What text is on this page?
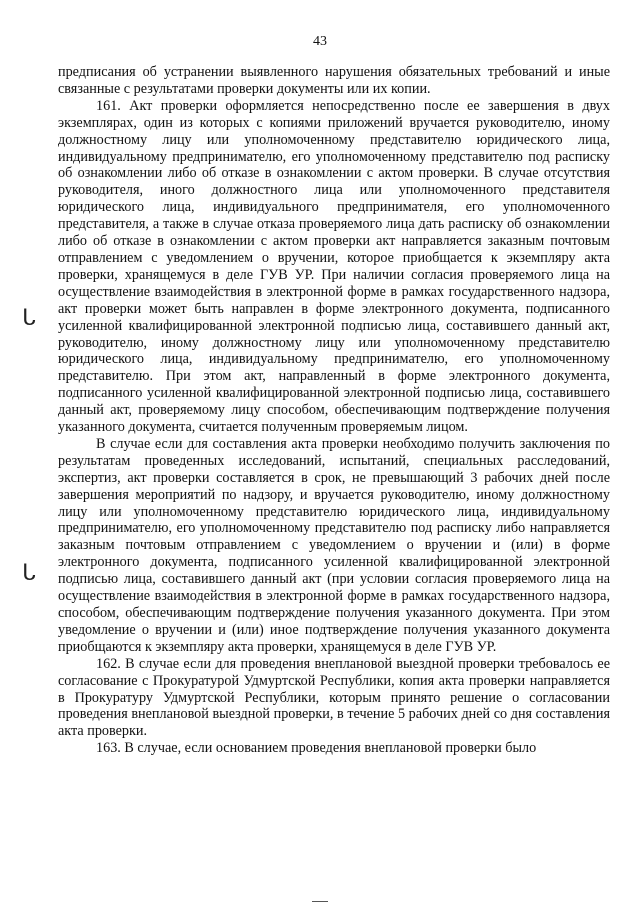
43

предписания об устранении выявленного нарушения обязательных требований и иные связанные с результатами проверки документы или их копии.

161. Акт проверки оформляется непосредственно после ее завершения в двух экземплярах, один из которых с копиями приложений вручается руководителю, иному должностному лицу или уполномоченному представителю юридического лица, индивидуальному предпринимателю, его уполномоченному представителю под расписку об ознакомлении либо об отказе в ознакомлении с актом проверки. В случае отсутствия руководителя, иного должностного лица или уполномоченного представителя юридического лица, индивидуального предпринимателя, его уполномоченного представителя, а также в случае отказа проверяемого лица дать расписку об ознакомлении либо об отказе в ознакомлении с актом проверки акт направляется заказным почтовым отправлением с уведомлением о вручении, которое приобщается к экземпляру акта проверки, хранящемуся в деле ГУВ УР. При наличии согласия проверяемого лица на осуществление взаимодействия в электронной форме в рамках государственного надзора, акт проверки может быть направлен в форме электронного документа, подписанного усиленной квалифицированной электронной подписью лица, составившего данный акт, руководителю, иному должностному лицу или уполномоченному представителю юридического лица, индивидуальному предпринимателю, его уполномоченному представителю. При этом акт, направленный в форме электронного документа, подписанного усиленной квалифицированной электронной подписью лица, составившего данный акт, проверяемому лицу способом, обеспечивающим подтверждение получения указанного документа, считается полученным проверяемым лицом.

В случае если для составления акта проверки необходимо получить заключения по результатам проведенных исследований, испытаний, специальных расследований, экспертиз, акт проверки составляется в срок, не превышающий 3 рабочих дней после завершения мероприятий по надзору, и вручается руководителю, иному должностному лицу или уполномоченному представителю юридического лица, индивидуальному предпринимателю, его уполномоченному представителю под расписку либо направляется заказным почтовым отправлением с уведомлением о вручении и (или) в форме электронного документа, подписанного усиленной квалифицированной электронной подписью лица, составившего данный акт (при условии согласия проверяемого лица на осуществление взаимодействия в электронной форме в рамках государственного надзора, способом, обеспечивающим подтверждение получения указанного документа. При этом уведомление о вручении и (или) иное подтверждение получения указанного документа приобщаются к экземпляру акта проверки, хранящемуся в деле ГУВ УР.

162. В случае если для проведения внеплановой выездной проверки требовалось ее согласование с Прокуратурой Удмуртской Республики, копия акта проверки направляется в Прокуратуру Удмуртской Республики, которым принято решение о согласовании проведения внеплановой выездной проверки, в течение 5 рабочих дней со дня составления акта проверки.

163. В случае, если основанием проведения внеплановой проверки было

ᒐ
ᒐ
